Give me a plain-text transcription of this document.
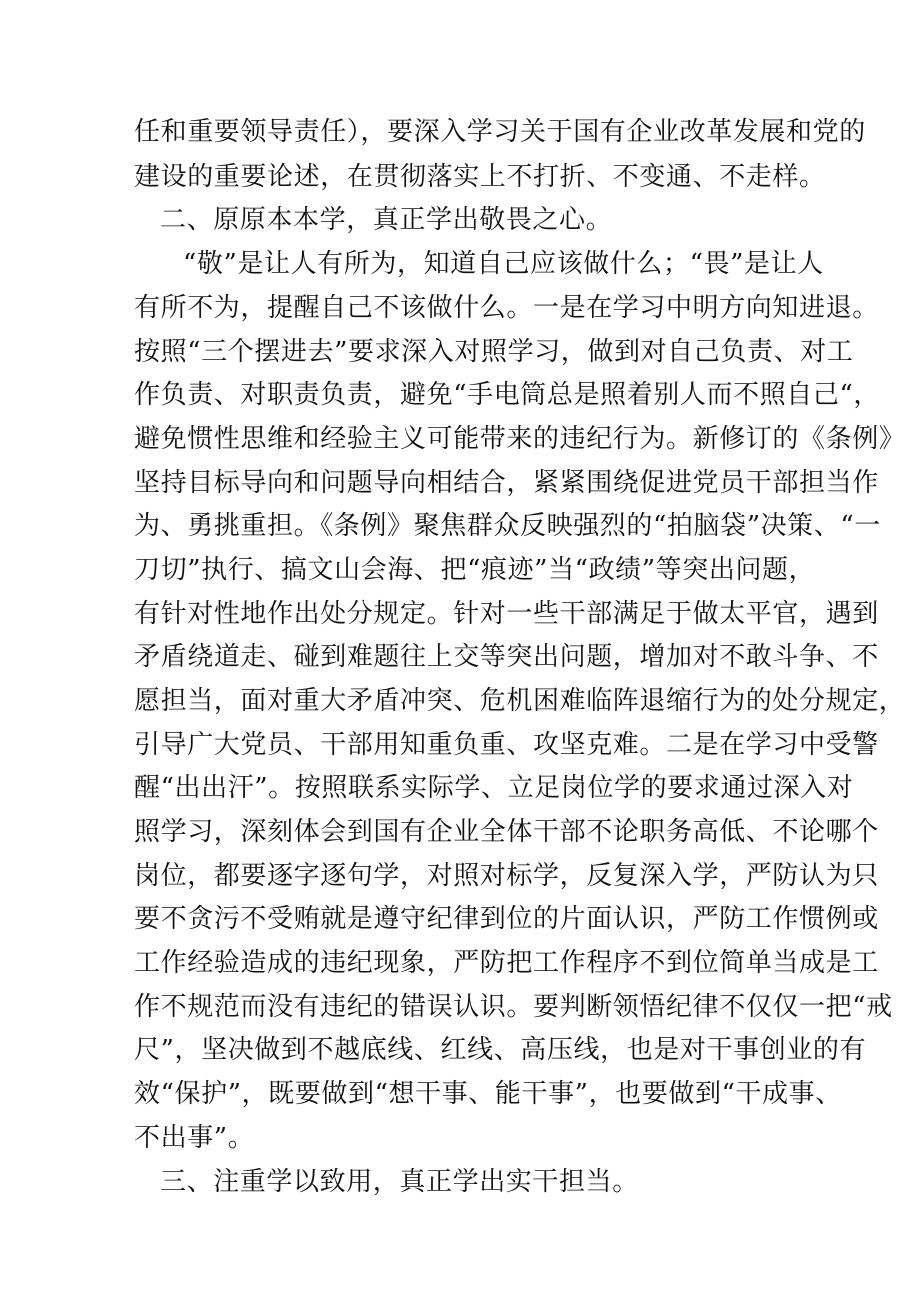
任和重要领导责任），要深入学习关于国有企业改革发展和党的
建设的重要论述，在贯彻落实上不打折、不变通、不走样。
二、原原本本学，真正学出敬畏之心。
“敬”是让人有所为，知道自己应该做什么；“畏”是让人
有所不为，提醒自己不该做什么。一是在学习中明方向知进退。
按照“三个摆进去”要求深入对照学习，做到对自己负责、对工
作负责、对职责负责，避免“手电筒总是照着别人而不照自己“，
避免惯性思维和经验主义可能带来的违纪行为。新修订的《条例》
坚持目标导向和问题导向相结合，紧紧围绕促进党员干部担当作
为、勇挑重担。《条例》聚焦群众反映强烈的“拍脑袋”决策、“一
刀切”执行、搞文山会海、把“痕迹”当“政绩”等突出问题，
有针对性地作出处分规定。针对一些干部满足于做太平官，遇到
矛盾绕道走、碰到难题往上交等突出问题，增加对不敢斗争、不
愿担当，面对重大矛盾冲突、危机困难临阵退缩行为的处分规定，
引导广大党员、干部用知重负重、攻坚克难。二是在学习中受警
醒“出出汗”。按照联系实际学、立足岗位学的要求通过深入对
照学习，深刻体会到国有企业全体干部不论职务高低、不论哪个
岗位，都要逐字逐句学，对照对标学，反复深入学，严防认为只
要不贪污不受贿就是遵守纪律到位的片面认识，严防工作惯例或
工作经验造成的违纪现象，严防把工作程序不到位简单当成是工
作不规范而没有违纪的错误认识。要判断领悟纪律不仅仅一把“戒
尺”，坚决做到不越底线、红线、高压线，也是对干事创业的有
效“保护”，既要做到“想干事、能干事”，也要做到“干成事、
不出事”。
三、注重学以致用，真正学出实干担当。
